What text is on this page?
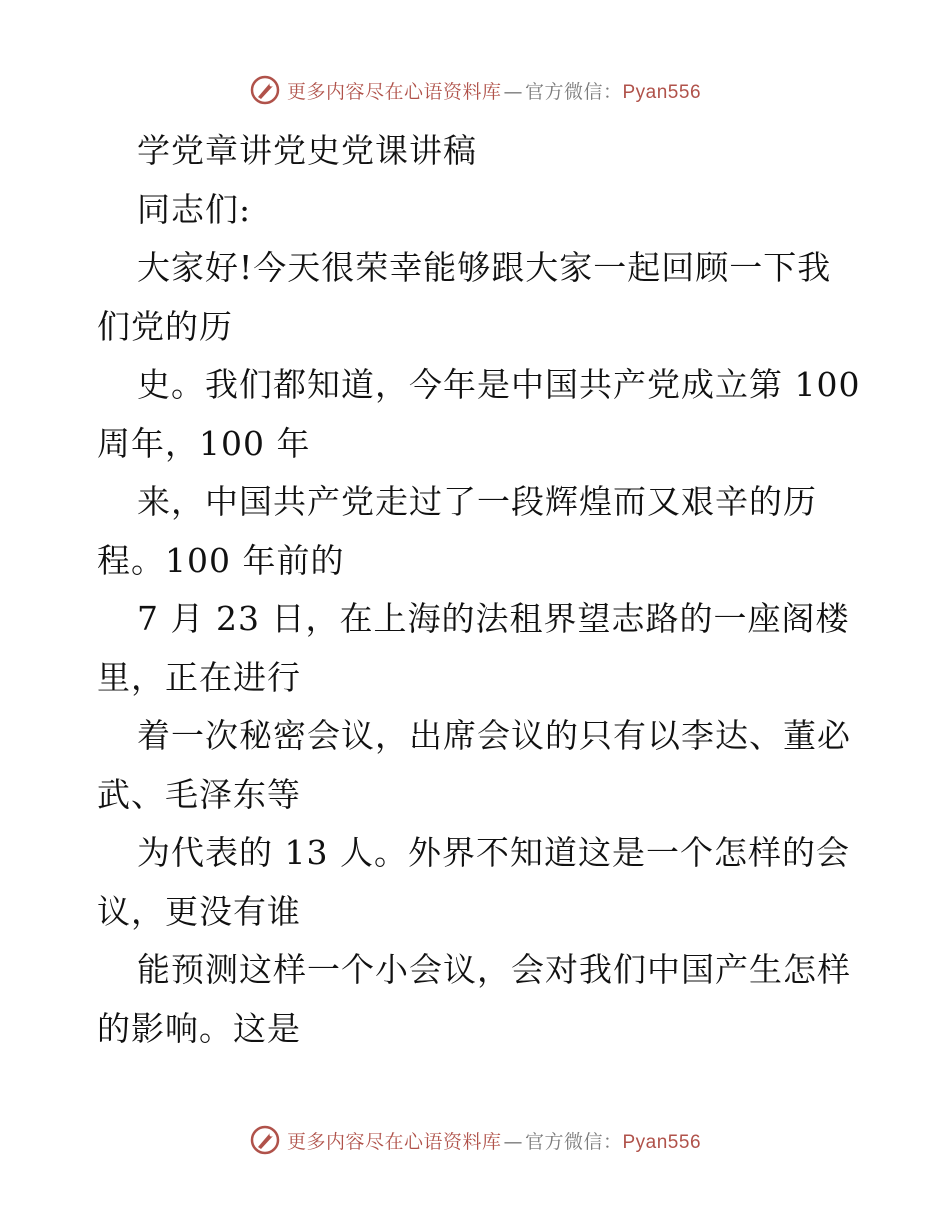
更多内容尽在心语资料库 — 官方微信：Pyan556
学党章讲党史党课讲稿
同志们:
大家好!今天很荣幸能够跟大家一起回顾一下我
们党的历
史。我们都知道，今年是中国共产党成立第 100
周年，100 年
来，中国共产党走过了一段辉煌而又艰辛的历
程。100 年前的
7 月 23 日，在上海的法租界望志路的一座阁楼
里，正在进行
着一次秘密会议，出席会议的只有以李达、董必
武、毛泽东等
为代表的 13 人。外界不知道这是一个怎样的会
议，更没有谁
能预测这样一个小会议，会对我们中国产生怎样
的影响。这是
更多内容尽在心语资料库 — 官方微信：Pyan556
